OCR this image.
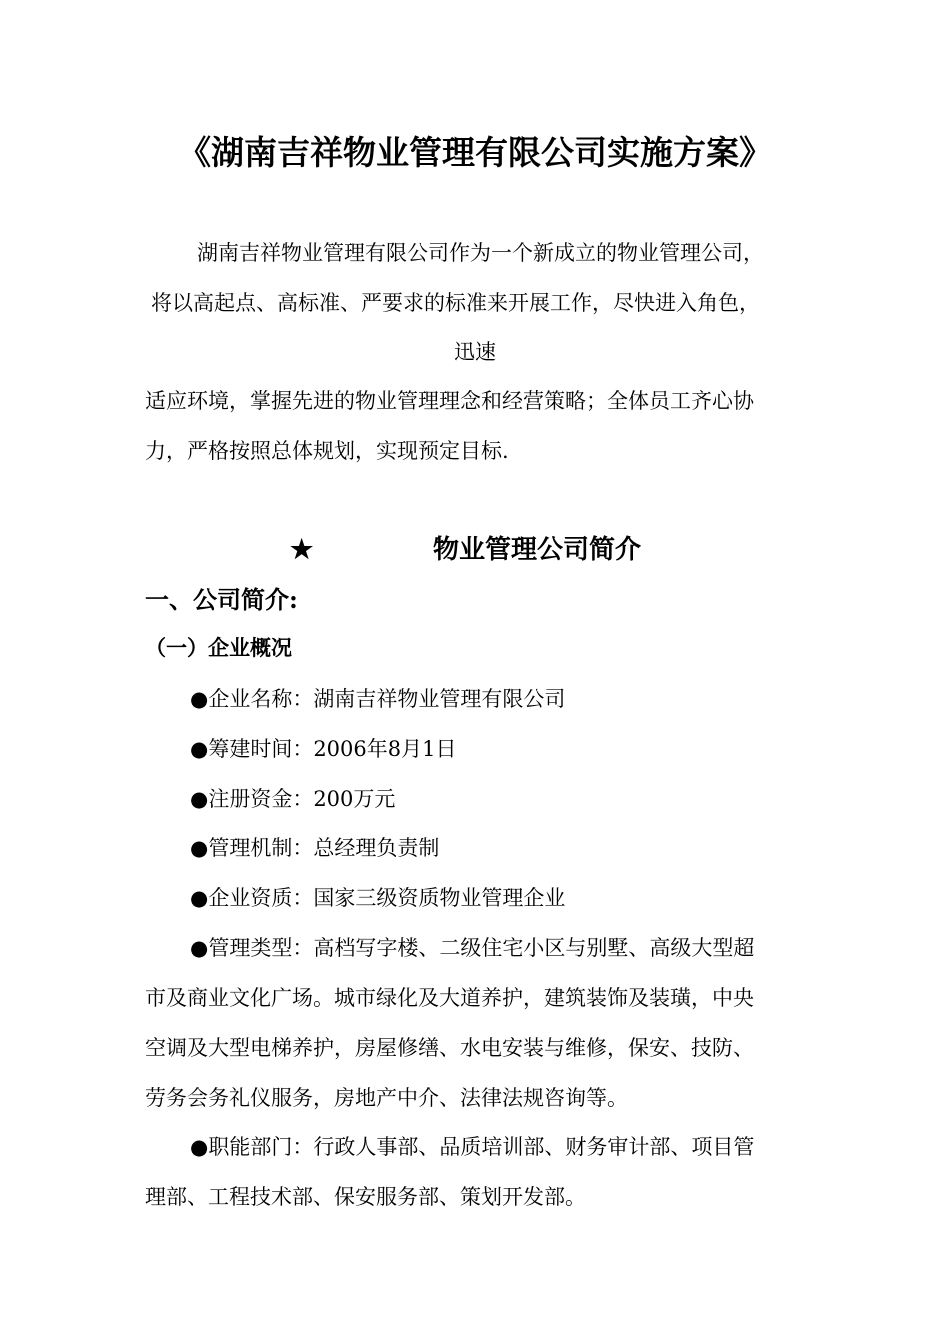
《湖南吉祥物业管理有限公司实施方案》
湖南吉祥物业管理有限公司作为一个新成立的物业管理公司，
将以高起点、高标准、严要求的标准来开展工作，尽快进入角色，
迅速
适应环境，掌握先进的物业管理理念和经营策略；全体员工齐心协
力，严格按照总体规划，实现预定目标.
★	物业管理公司简介
一、公司简介:
（一）企业概况
●企业名称：湖南吉祥物业管理有限公司
●筹建时间：2006年8月1日
●注册资金：200万元
●管理机制：总经理负责制
●企业资质：国家三级资质物业管理企业
●管理类型：高档写字楼、二级住宅小区与别墅、高级大型超
市及商业文化广场。城市绿化及大道养护，建筑装饰及装璜，中央
空调及大型电梯养护，房屋修缮、水电安装与维修，保安、技防、
劳务会务礼仪服务，房地产中介、法律法规咨询等。
●职能部门：行政人事部、品质培训部、财务审计部、项目管
理部、工程技术部、保安服务部、策划开发部。
